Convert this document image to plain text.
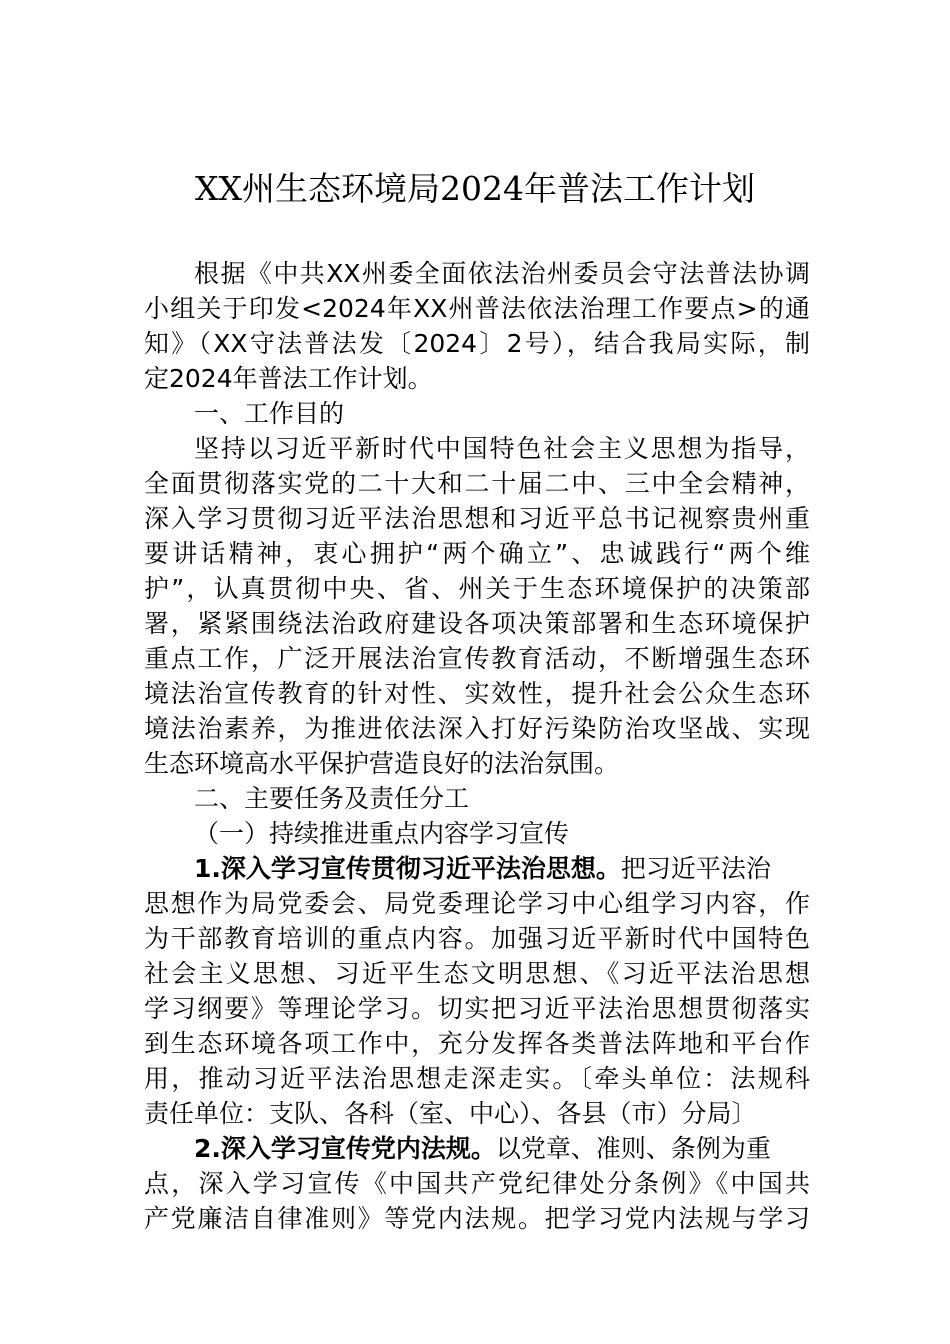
XX州生态环境局2024年普法工作计划
根据《中共XX州委全面依法治州委员会守法普法协调
小组关于印发<2024年XX州普法依法治理工作要点>的通
知》（XX守法普法发〔2024〕2号），结合我局实际，制
定2024年普法工作计划。
一、工作目的
坚持以习近平新时代中国特色社会主义思想为指导，
全面贯彻落实党的二十大和二十届二中、三中全会精神，
深入学习贯彻习近平法治思想和习近平总书记视察贵州重
要讲话精神，衷心拥护“两个确立”、忠诚践行“两个维
护”，认真贯彻中央、省、州关于生态环境保护的决策部
署，紧紧围绕法治政府建设各项决策部署和生态环境保护
重点工作，广泛开展法治宣传教育活动，不断增强生态环
境法治宣传教育的针对性、实效性，提升社会公众生态环
境法治素养，为推进依法深入打好污染防治攻坚战、实现
生态环境高水平保护营造良好的法治氛围。
二、主要任务及责任分工
（一）持续推进重点内容学习宣传
1.深入学习宣传贯彻习近平法治思想。把习近平法治
思想作为局党委会、局党委理论学习中心组学习内容，作
为干部教育培训的重点内容。加强习近平新时代中国特色
社会主义思想、习近平生态文明思想、《习近平法治思想
学习纲要》等理论学习。切实把习近平法治思想贯彻落实
到生态环境各项工作中，充分发挥各类普法阵地和平台作
用，推动习近平法治思想走深走实。〔牵头单位：法规科
责任单位：支队、各科（室、中心）、各县（市）分局〕
2.深入学习宣传党内法规。以党章、准则、条例为重
点，深入学习宣传《中国共产党纪律处分条例》《中国共
产党廉洁自律准则》等党内法规。把学习党内法规与学习
